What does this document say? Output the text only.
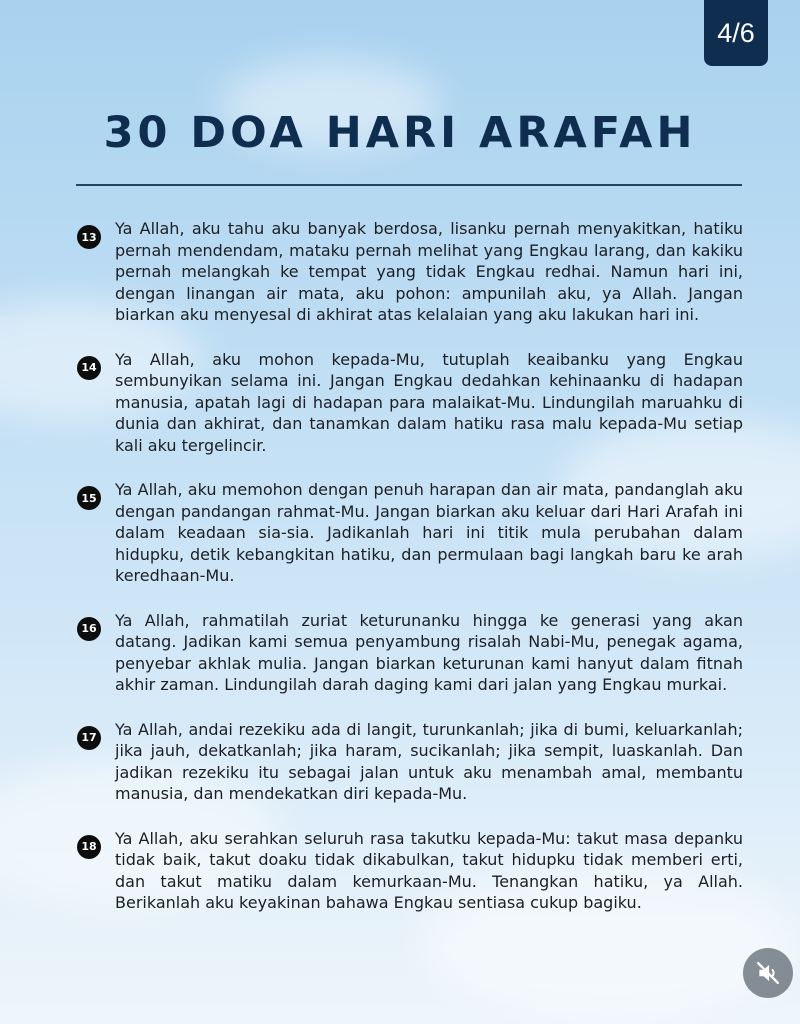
4/6
30 DOA HARI ARAFAH
13 Ya Allah, aku tahu aku banyak berdosa, lisanku pernah menyakitkan, hatiku pernah mendendam, mataku pernah melihat yang Engkau larang, dan kakiku pernah melangkah ke tempat yang tidak Engkau redhai. Namun hari ini, dengan linangan air mata, aku pohon: ampunilah aku, ya Allah. Jangan biarkan aku menyesal di akhirat atas kelalaian yang aku lakukan hari ini.
14 Ya Allah, aku mohon kepada-Mu, tutuplah keaibanku yang Engkau sembunyikan selama ini. Jangan Engkau dedahkan kehinaanku di hadapan manusia, apatah lagi di hadapan para malaikat-Mu. Lindungilah maruahku di dunia dan akhirat, dan tanamkan dalam hatiku rasa malu kepada-Mu setiap kali aku tergelincir.
15 Ya Allah, aku memohon dengan penuh harapan dan air mata, pandanglah aku dengan pandangan rahmat-Mu. Jangan biarkan aku keluar dari Hari Arafah ini dalam keadaan sia-sia. Jadikanlah hari ini titik mula perubahan dalam hidupku, detik kebangkitan hatiku, dan permulaan bagi langkah baru ke arah keredhaan-Mu.
16 Ya Allah, rahmatilah zuriat keturunanku hingga ke generasi yang akan datang. Jadikan kami semua penyambung risalah Nabi-Mu, penegak agama, penyebar akhlak mulia. Jangan biarkan keturunan kami hanyut dalam fitnah akhir zaman. Lindungilah darah daging kami dari jalan yang Engkau murkai.
17 Ya Allah, andai rezekiku ada di langit, turunkanlah; jika di bumi, keluarkanlah; jika jauh, dekatkanlah; jika haram, sucikanlah; jika sempit, luaskanlah. Dan jadikan rezekiku itu sebagai jalan untuk aku menambah amal, membantu manusia, dan mendekatkan diri kepada-Mu.
18 Ya Allah, aku serahkan seluruh rasa takutku kepada-Mu: takut masa depanku tidak baik, takut doaku tidak dikabulkan, takut hidupku tidak memberi erti, dan takut matiku dalam kemurkaan-Mu. Tenangkan hatiku, ya Allah. Berikanlah aku keyakinan bahawa Engkau sentiasa cukup bagiku.
